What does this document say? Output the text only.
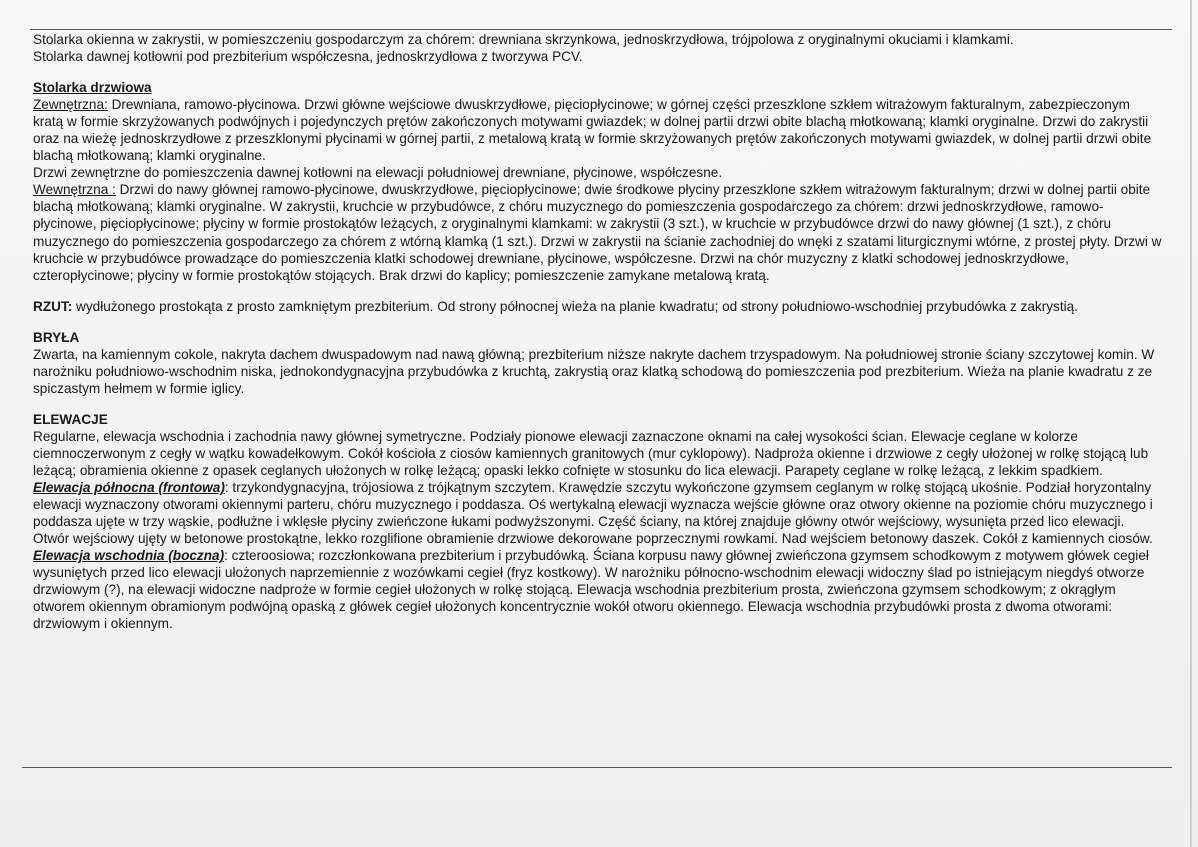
Stolarka okienna w zakrystii, w pomieszczeniu gospodarczym za chórem: drewniana skrzynkowa, jednoskrzydłowa, trójpolowa z oryginalnymi okuciami i klamkami.

Stolarka dawnej kotłowni pod prezbiterium współczesna, jednoskrzydłowa z tworzywa PCV.

Stolarka drzwiowa

Zewnętrzna: Drewniana, ramowo-płycinowa. Drzwi główne wejściowe dwuskrzydłowe, pięciopłycinowe; w górnej części przeszklone szkłem witrażowym fakturalnym, zabezpieczonym kratą w formie skrzyżowanych podwójnych i pojedynczych prętów zakończonych motywami gwiazdek; w dolnej partii drzwi obite blachą młotkowaną; klamki oryginalne. Drzwi do zakrystii oraz na wieżę jednoskrzydłowe z przeszklonymi płycinami w górnej partii, z metalową kratą w formie skrzyżowanych prętów zakończonych motywami gwiazdek, w dolnej partii drzwi obite blachą młotkowaną; klamki oryginalne.

Drzwi zewnętrzne do pomieszczenia dawnej kotłowni na elewacji południowej drewniane, płycinowe, współczesne.

Wewnętrzna : Drzwi do nawy głównej ramowo-płycinowe, dwuskrzydłowe, pięciopłycinowe; dwie środkowe płyciny przeszklone szkłem witrażowym fakturalnym; drzwi w dolnej partii obite blachą młotkowaną; klamki oryginalne. W zakrystii, kruchcie w przybudówce, z chóru muzycznego do pomieszczenia gospodarczego za chórem: drzwi jednoskrzydłowe, ramowo-płycinowe, pięciopłycinowe; płyciny w formie prostokątów leżących, z oryginalnymi klamkami: w zakrystii (3 szt.), w kruchcie w przybudówce drzwi do nawy głównej (1 szt.), z chóru muzycznego do pomieszczenia gospodarczego za chórem z wtórną klamką (1 szt.). Drzwi w zakrystii na ścianie zachodniej do wnęki z szatami liturgicznymi wtórne, z prostej płyty. Drzwi w kruchcie w przybudówce prowadzące do pomieszczenia klatki schodowej drewniane, płycinowe, współczesne. Drzwi na chór muzyczny z klatki schodowej jednoskrzydłowe, czteropłycinowe; płyciny w formie prostokątów stojących. Brak drzwi do kaplicy; pomieszczenie zamykane metalową kratą.

RZUT: wydłużonego prostokąta z prosto zamkniętym prezbiterium. Od strony północnej wieża na planie kwadratu; od strony południowo-wschodniej przybudówka z zakrystią.

BRYŁA

Zwarta, na kamiennym cokole, nakryta dachem dwuspadowym nad nawą główną; prezbiterium niższe nakryte dachem trzyspadowym. Na południowej stronie ściany szczytowej komin. W narożniku południowo-wschodnim niska, jednokondygnacyjna przybudówka z kruchtą, zakrystią oraz klatką schodową do pomieszczenia pod prezbiterium. Wieża na planie kwadratu z ze spiczastym hełmem w formie iglicy.

ELEWACJE

Regularne, elewacja wschodnia i zachodnia nawy głównej symetryczne. Podziały pionowe elewacji zaznaczone oknami na całej wysokości ścian. Elewacje ceglane w kolorze ciemnoczerwonym z cegły w wątku kowadełkowym. Cokół kościoła z ciosów kamiennych granitowych (mur cyklopowy). Nadproża okienne i drzwiowe z cegły ułożonej w rolkę stojącą lub leżącą; obramienia okienne z opasek ceglanych ułożonych w rolkę leżącą; opaski lekko cofnięte w stosunku do lica elewacji. Parapety ceglane w rolkę leżącą, z lekkim spadkiem.

Elewacja północna (frontowa): trzykondygnacyjna, trójosiowa z trójkątnym szczytem. Krawędzie szczytu wykończone gzymsem ceglanym w rolkę stojącą ukośnie. Podział horyzontalny elewacji wyznaczony otworami okiennymi parteru, chóru muzycznego i poddasza. Oś wertykalną elewacji wyznacza wejście główne oraz otwory okienne na poziomie chóru muzycznego i poddasza ujęte w trzy wąskie, podłużne i wklęsłe płyciny zwieńczone łukami podwyższonymi. Część ściany, na której znajduje główny otwór wejściowy, wysunięta przed lico elewacji. Otwór wejściowy ujęty w betonowe prostokątne, lekko rozglifione obramienie drzwiowe dekorowane poprzecznymi rowkami. Nad wejściem betonowy daszek. Cokół z kamiennych ciosów.

Elewacja wschodnia (boczna): czteroosiowa; rozczłonkowana prezbiterium i przybudówką. Ściana korpusu nawy głównej zwieńczona gzymsem schodkowym z motywem główek cegieł wysuniętych przed lico elewacji ułożonych naprzemiennie z wozówkami cegieł (fryz kostkowy). W narożniku północno-wschodnim elewacji widoczny ślad po istniejącym niegdyś otworze drzwiowym (?), na elewacji widoczne nadproże w formie cegieł ułożonych w rolkę stojącą. Elewacja wschodnia prezbiterium prosta, zwieńczona gzymsem schodkowym; z okrągłym otworem okiennym obramionym podwójną opaską z główek cegieł ułożonych koncentrycznie wokół otworu okiennego. Elewacja wschodnia przybudówki prosta z dwoma otworami: drzwiowym i okiennym.
